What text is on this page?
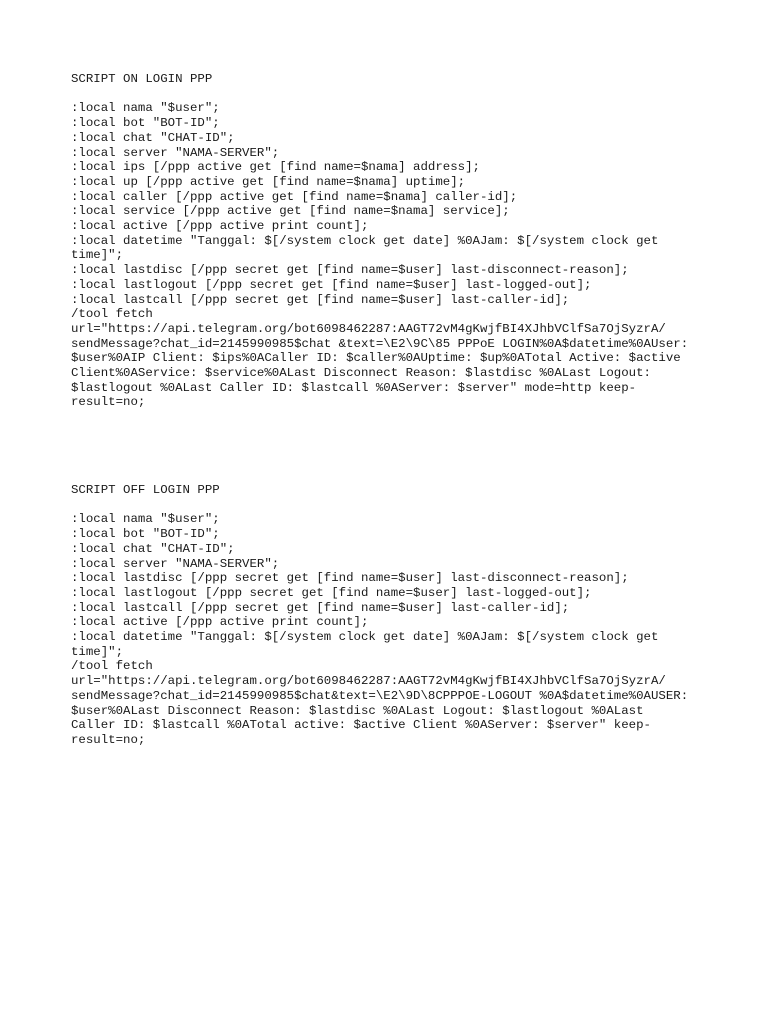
SCRIPT ON LOGIN PPP

:local nama "$user";

:local bot "BOT-ID";

:local chat "CHAT-ID";

:local server "NAMA-SERVER";

:local ips [/ppp active get [find name=$nama] address];

:local up [/ppp active get [find name=$nama] uptime];

:local caller [/ppp active get [find name=$nama] caller-id];

:local service [/ppp active get [find name=$nama] service];

:local active [/ppp active print count];

:local datetime "Tanggal: $[/system clock get date] %0AJam: $[/system clock get

time]";

:local lastdisc [/ppp secret get [find name=$user] last-disconnect-reason];

:local lastlogout [/ppp secret get [find name=$user] last-logged-out];

:local lastcall [/ppp secret get [find name=$user] last-caller-id];

/tool fetch

url="https://api.telegram.org/bot6098462287:AAGT72vM4gKwjfBI4XJhbVClfSa7OjSyzrA/

sendMessage?chat_id=2145990985$chat &text=\E2\9C\85 PPPoE LOGIN%0A$datetime%0AUser:

$user%0AIP Client: $ips%0ACaller ID: $caller%0AUptime: $up%0ATotal Active: $active

Client%0AService: $service%0ALast Disconnect Reason: $lastdisc %0ALast Logout:

$lastlogout %0ALast Caller ID: $lastcall %0AServer: $server" mode=http keep-

result=no;

SCRIPT OFF LOGIN PPP

:local nama "$user";

:local bot "BOT-ID";

:local chat "CHAT-ID";

:local server "NAMA-SERVER";

:local lastdisc [/ppp secret get [find name=$user] last-disconnect-reason];

:local lastlogout [/ppp secret get [find name=$user] last-logged-out];

:local lastcall [/ppp secret get [find name=$user] last-caller-id];

:local active [/ppp active print count];

:local datetime "Tanggal: $[/system clock get date] %0AJam: $[/system clock get

time]";

/tool fetch

url="https://api.telegram.org/bot6098462287:AAGT72vM4gKwjfBI4XJhbVClfSa7OjSyzrA/

sendMessage?chat_id=2145990985$chat&text=\E2\9D\8CPPPOE-LOGOUT %0A$datetime%0AUSER:

$user%0ALast Disconnect Reason: $lastdisc %0ALast Logout: $lastlogout %0ALast

Caller ID: $lastcall %0ATotal active: $active Client %0AServer: $server" keep-

result=no;
